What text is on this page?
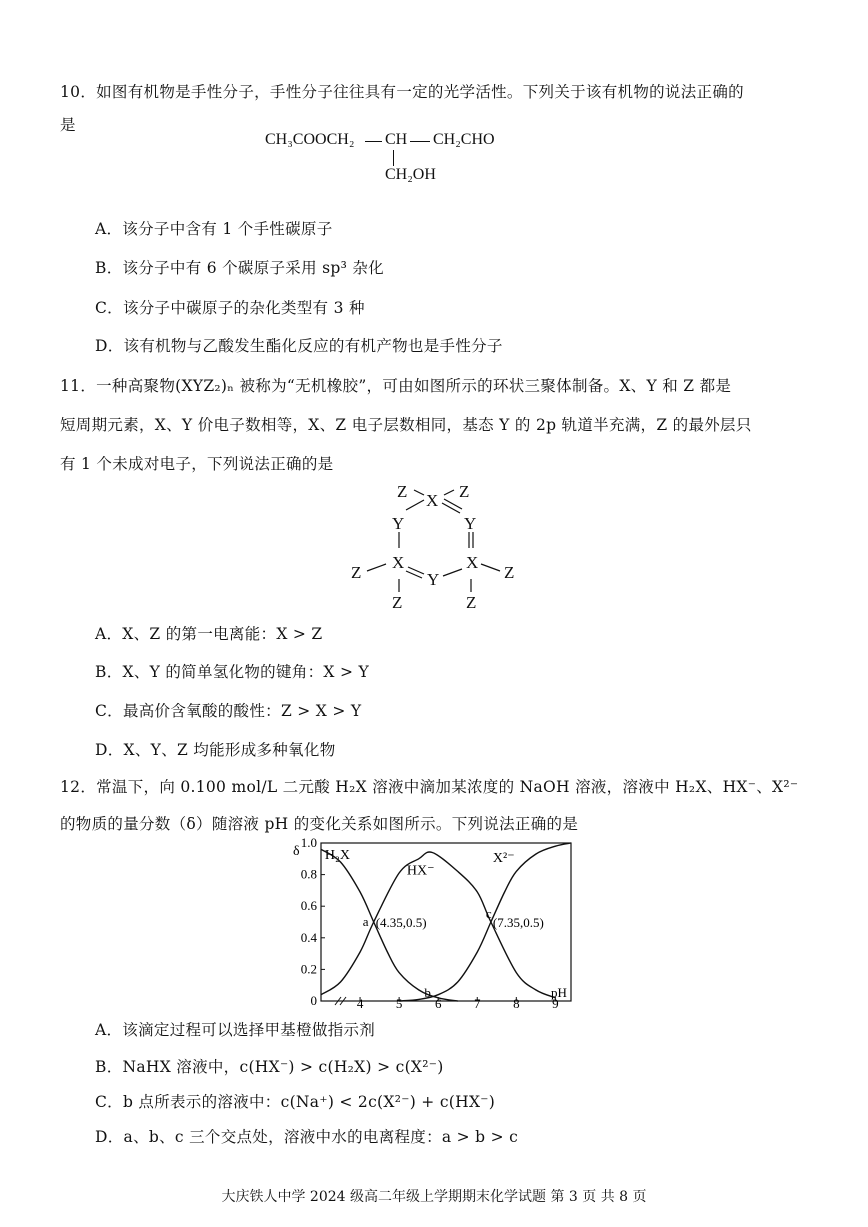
10．如图有机物是手性分子，手性分子往往具有一定的光学活性。下列关于该有机物的说法正确的
是
CH₃COOCH₂ CH CH₂CHO
CH₂OH
A．该分子中含有 1 个手性碳原子
B．该分子中有 6 个碳原子采用 sp³ 杂化
C．该分子中碳原子的杂化类型有 3 种
D．该有机物与乙酸发生酯化反应的有机产物也是手性分子
11．一种高聚物(XYZ₂)ₙ 被称为“无机橡胶”，可由如图所示的环状三聚体制备。X、Y 和 Z 都是
短周期元素，X、Y 价电子数相等，X、Z 电子层数相同，基态 Y 的 2p 轨道半充满，Z 的最外层只
有 1 个未成对电子，下列说法正确的是
Z X Z
Y	Y
X	X
Y
Z	Z
Z	Z
A．X、Z 的第一电离能：X > Z
B．X、Y 的简单氢化物的键角：X > Y
C．最高价含氧酸的酸性：Z > X > Y
D．X、Y、Z 均能形成多种氧化物
12．常温下，向 0.100 mol/L 二元酸 H₂X 溶液中滴加某浓度的 NaOH 溶液，溶液中 H₂X、HX⁻、X²⁻
的物质的量分数（δ）随溶液 pH 的变化关系如图所示。下列说法正确的是
0
0.2
0.4
0.6
0.8
1.0
4	5	6	7	8	9
δ
pH
H₂X
HX⁻
X²⁻
a (4.35,0.5)
c
(7.35,0.5)
b
A．该滴定过程可以选择甲基橙做指示剂
B．NaHX 溶液中，c(HX⁻) > c(H₂X) > c(X²⁻)
C．b 点所表示的溶液中：c(Na⁺) < 2c(X²⁻) + c(HX⁻)
D．a、b、c 三个交点处，溶液中水的电离程度：a > b > c
大庆铁人中学 2024 级高二年级上学期期末化学试题 第 3 页 共 8 页
